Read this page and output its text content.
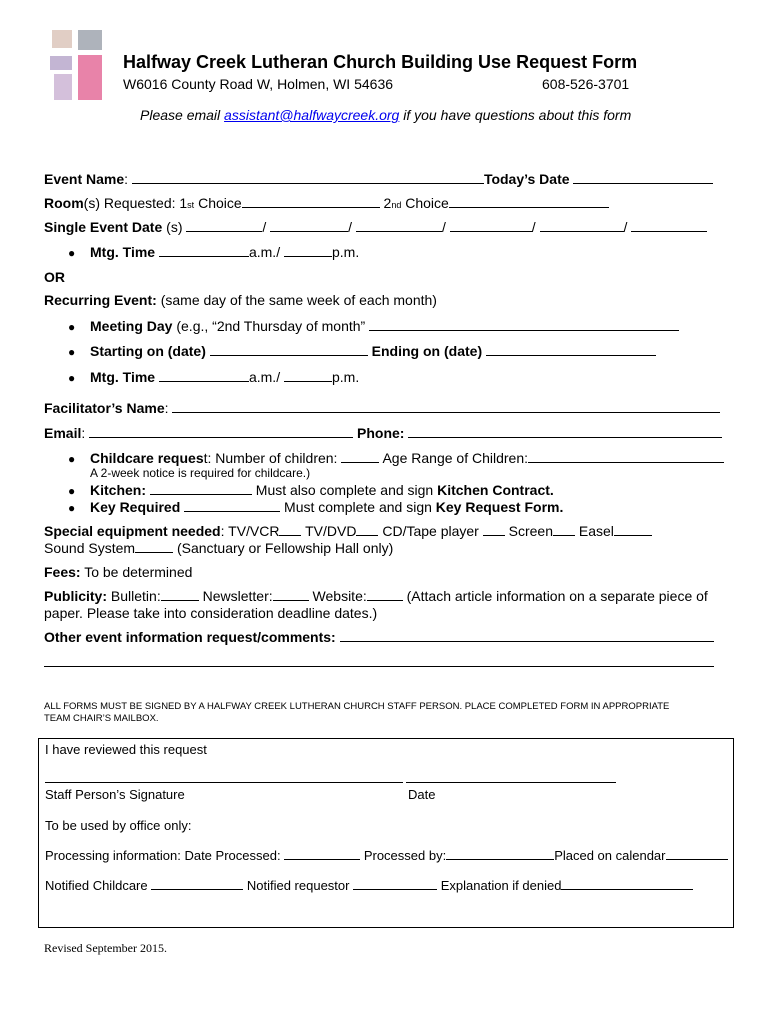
Halfway Creek Lutheran Church Building Use Request Form
W6016 County Road W, Holmen, WI 54636	608-526-3701
Please email assistant@halfwaycreek.org if you have questions about this form
Event Name:	Today’s Date
Room(s) Requested: 1st Choice	2nd Choice
Single Event Date (s)	/	/	/	/	/
● Mtg. Time	a.m./	p.m.
OR
Recurring Event: (same day of the same week of each month)
● Meeting Day (e.g., “2nd Thursday of month”
● Starting on (date)	Ending on (date)
● Mtg. Time	a.m./	p.m.
Facilitator’s Name:
Email:	Phone:
● Childcare request: Number of children:	Age Range of Children:
A 2-week notice is required for childcare.)
● Kitchen:	Must also complete and sign Kitchen Contract.
● Key Required	Must complete and sign Key Request Form.
Special equipment needed: TV/VCR TV/DVD CD/Tape player Screen Easel
Sound System	(Sanctuary or Fellowship Hall only)
Fees: To be determined
Publicity: Bulletin:	Newsletter:	Website:	(Attach article information on a separate piece of
paper. Please take into consideration deadline dates.)
Other event information request/comments:
ALL FORMS MUST BE SIGNED BY A HALFWAY CREEK LUTHERAN CHURCH STAFF PERSON. PLACE COMPLETED FORM IN APPROPRIATE
TEAM CHAIR’S MAILBOX.
I have reviewed this request
Staff Person’s Signature	Date
To be used by office only:
Processing information: Date Processed:	Processed by:	Placed on calendar
Notified Childcare	Notified requestor	Explanation if denied
Revised September 2015.
